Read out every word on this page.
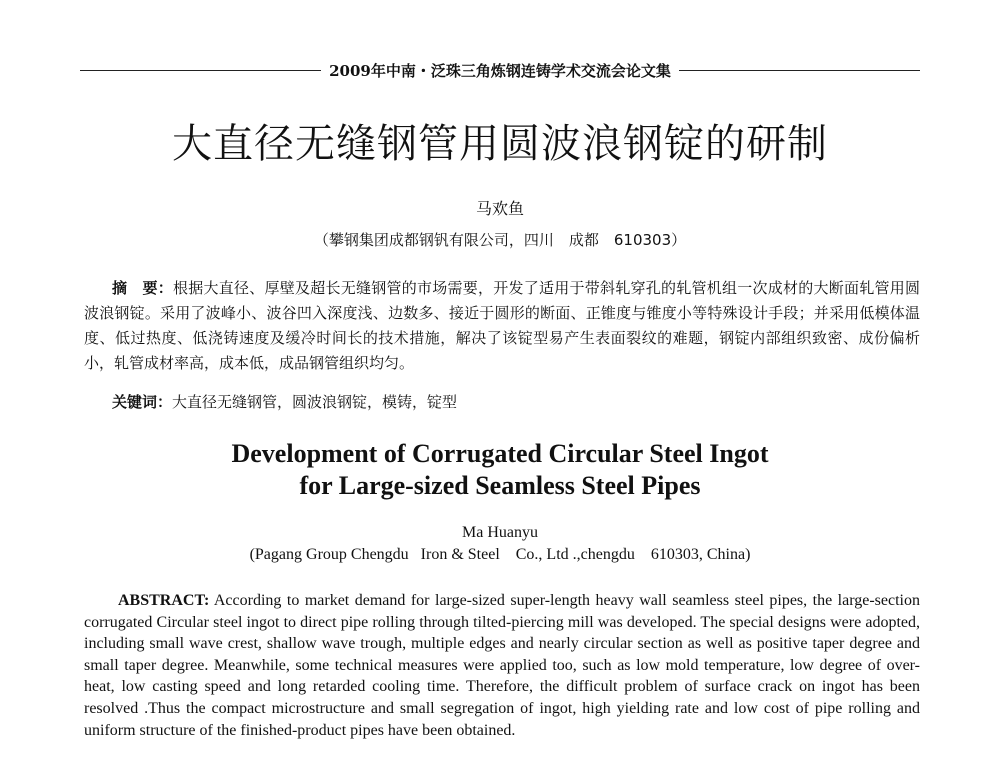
2009年中南・泛珠三角炼钢连铸学术交流会论文集
大直径无缝钢管用圆波浪钢锭的研制
马欢鱼
（攀钢集团成都钢钒有限公司，四川　成都　610303）

摘　要：根据大直径、厚壁及超长无缝钢管的市场需要，开发了适用于带斜轧穿孔的轧管机组一次成材的大断面轧管用圆波浪钢锭。采用了波峰小、波谷凹入深度浅、边数多、接近于圆形的断面、正锥度与锥度小等特殊设计手段；并采用低模体温度、低过热度、低浇铸速度及缓冷时间长的技术措施，解决了该锭型易产生表面裂纹的难题，钢锭内部组织致密、成份偏析小，轧管成材率高，成本低，成品钢管组织均匀。

关键词：大直径无缝钢管，圆波浪钢锭，模铸，锭型
Development of Corrugated Circular Steel Ingot
for Large-sized Seamless Steel Pipes
Ma Huanyu
(Pagang Group Chengdu   Iron & Steel    Co., Ltd .,chengdu    610303, China)

ABSTRACT: According to market demand for large-sized super-length heavy wall seamless steel pipes, the large-section corrugated Circular steel ingot to direct pipe rolling through tilted-piercing mill was developed. The special designs were adopted, including small wave crest, shallow wave trough, multiple edges and nearly circular section as well as positive taper degree and small taper degree. Meanwhile, some technical measures were applied too, such as low mold temperature, low degree of over-heat, low casting speed and long retarded cooling time. Therefore, the difficult problem of surface crack on ingot has been resolved .Thus the compact microstructure and small segregation of ingot, high yielding rate and low cost of pipe rolling and uniform structure of the finished-product pipes have been obtained.
